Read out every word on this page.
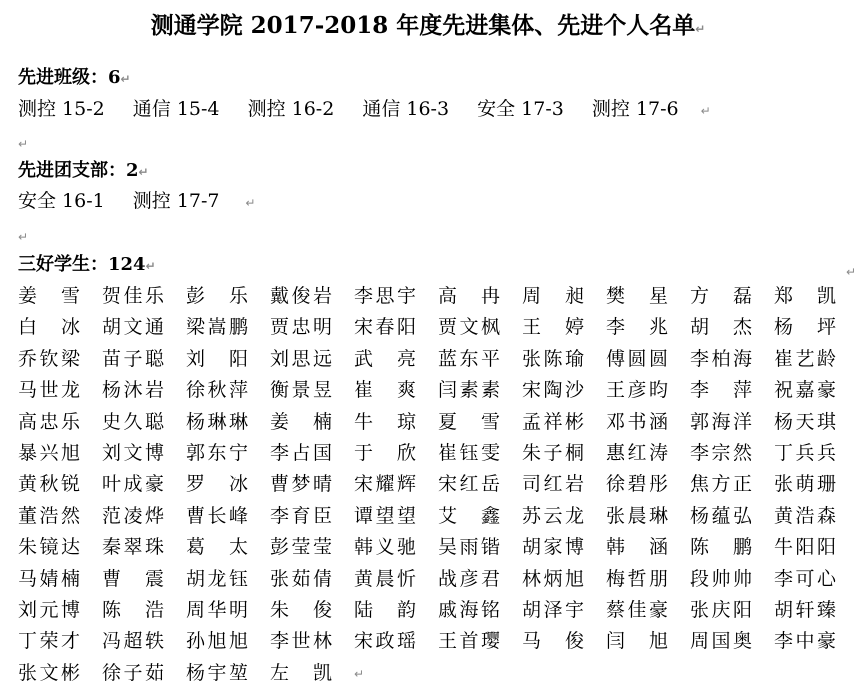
测通学院 2017-2018 年度先进集体、先进个人名单↵
先进班级：6↵
测控 15-2 通信 15-4 测控 16-2 通信 16-3 安全 17-3 测控 17-6 ↵
↵
先进团支部：2↵
安全 16-1 测控 17-7 ↵
↵
三好学生：124↵	↵
姜 雪 贺 佳 乐 彭 乐 戴 俊 岩 李 思 宇 高 冉 周 昶 樊 星 方 磊 郑 凯
白 冰 胡 文 通 梁 嵩 鹏 贾 忠 明 宋 春 阳 贾 文 枫 王 婷 李 兆 胡 杰 杨 坪
乔 钦 梁 苗 子 聪 刘 阳 刘 思 远 武 亮 蓝 东 平 张 陈 瑜 傅 圆 圆 李 柏 海 崔 艺 龄
马 世 龙 杨 沐 岩 徐 秋 萍 衡 景 昱 崔 爽 闫 素 素 宋 陶 沙 王 彦 昀 李 萍 祝 嘉 豪
高 忠 乐 史 久 聪 杨 琳 琳 姜 楠 牛 琼 夏 雪 孟 祥 彬 邓 书 涵 郭 海 洋 杨 天 琪
暴 兴 旭 刘 文 博 郭 东 宁 李 占 国 于 欣 崔 钰 雯 朱 子 桐 惠 红 涛 李 宗 然 丁 兵 兵
黄 秋 锐 叶 成 豪 罗 冰 曹 梦 晴 宋 耀 辉 宋 红 岳 司 红 岩 徐 碧 彤 焦 方 正 张 萌 珊
董 浩 然 范 凌 烨 曹 长 峰 李 育 臣 谭 望 望 艾 鑫 苏 云 龙 张 晨 琳 杨 蕴 弘 黄 浩 森
朱 镜 达 秦 翠 珠 葛 太 彭 莹 莹 韩 义 驰 吴 雨 锴 胡 家 博 韩 涵 陈 鹏 牛 阳 阳
马 婧 楠 曹 震 胡 龙 钰 张 茹 倩 黄 晨 忻 战 彦 君 林 炳 旭 梅 哲 朋 段 帅 帅 李 可 心
刘 元 博 陈 浩 周 华 明 朱 俊 陆 韵 戚 海 铭 胡 泽 宇 蔡 佳 豪 张 庆 阳 胡 轩 臻
丁 荣 才 冯 超 轶 孙 旭 旭 李 世 林 宋 政 瑶 王 首 璎 马 俊 闫 旭 周 国 奥 李 中 豪
张 文 彬 徐 子 茹 杨 宇 堃 左 凯 ↵
